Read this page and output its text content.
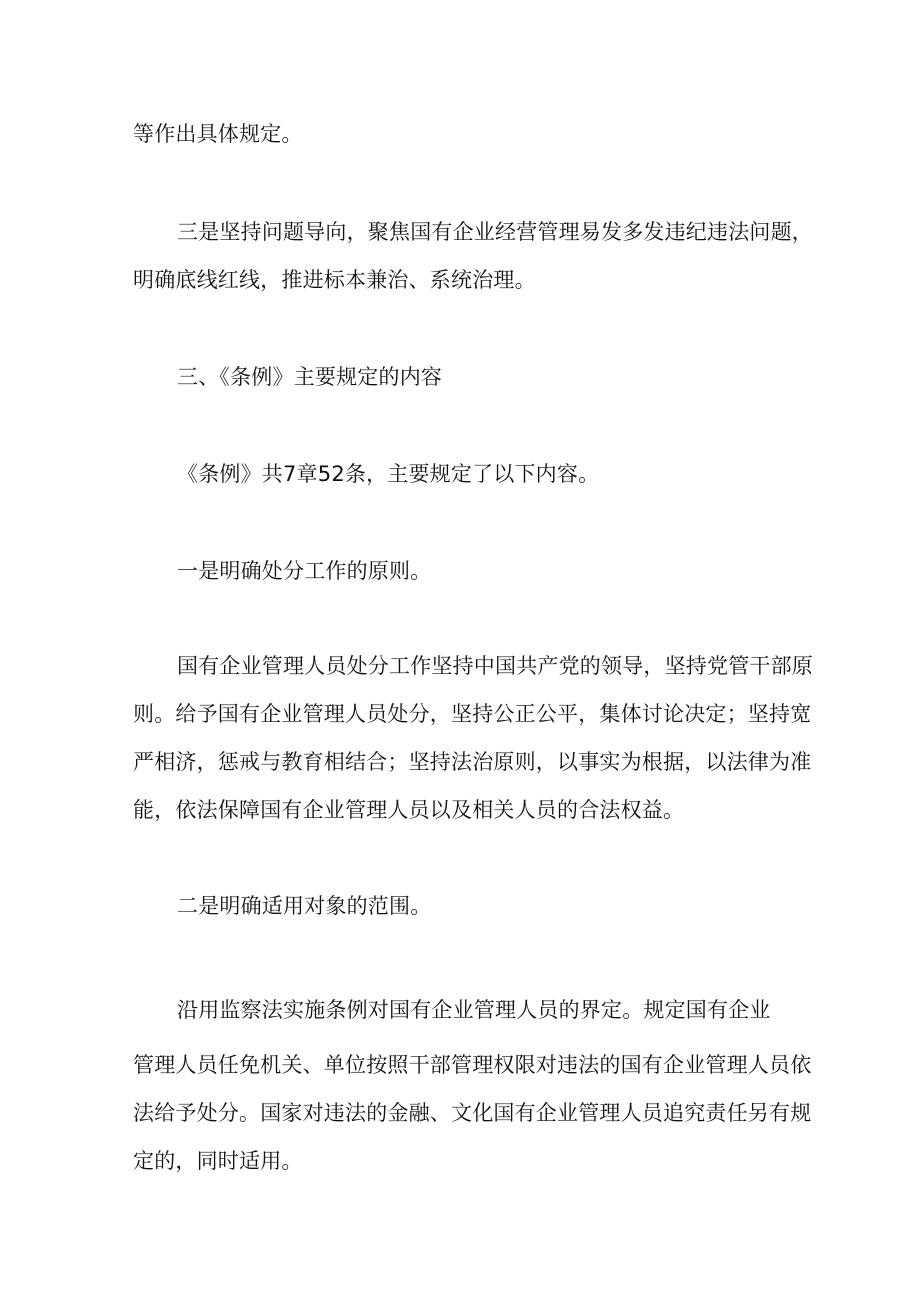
等作出具体规定。

三是坚持问题导向，聚焦国有企业经营管理易发多发违纪违法问题，

明确底线红线，推进标本兼治、系统治理。

三、《条例》主要规定的内容

《条例》共7章52条，主要规定了以下内容。

一是明确处分工作的原则。

国有企业管理人员处分工作坚持中国共产党的领导，坚持党管干部原

则。给予国有企业管理人员处分，坚持公正公平，集体讨论决定；坚持宽

严相济，惩戒与教育相结合；坚持法治原则，以事实为根据，以法律为准

能，依法保障国有企业管理人员以及相关人员的合法权益。

二是明确适用对象的范围。

沿用监察法实施条例对国有企业管理人员的界定。规定国有企业

管理人员任免机关、单位按照干部管理权限对违法的国有企业管理人员依

法给予处分。国家对违法的金融、文化国有企业管理人员追究责任另有规

定的，同时适用。
